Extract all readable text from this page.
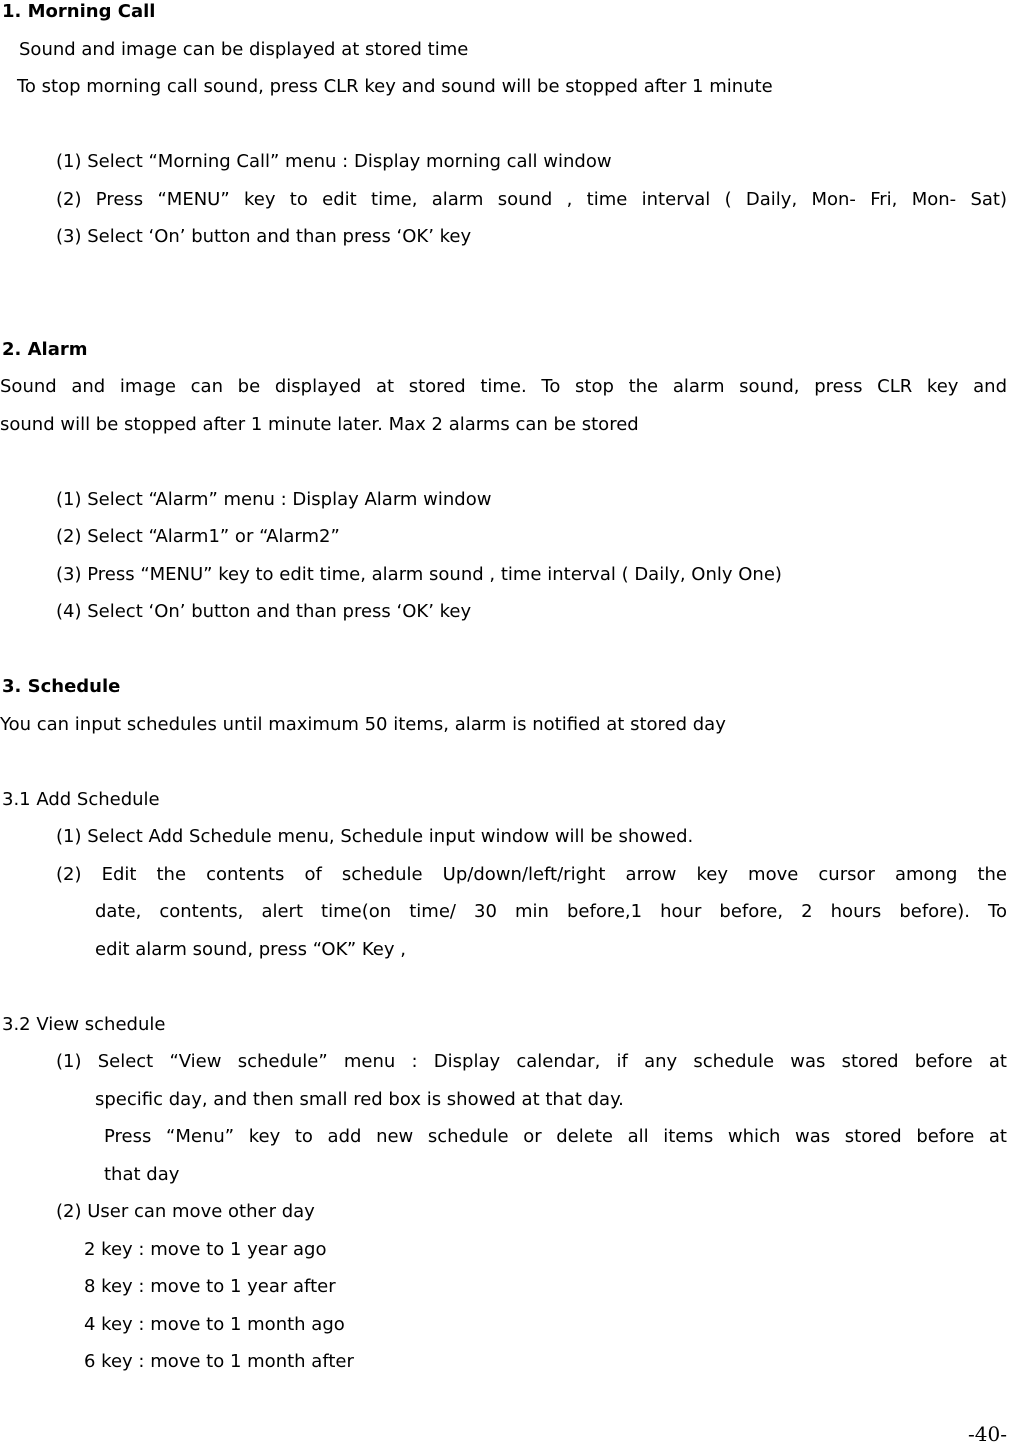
1. Morning Call
Sound and image can be displayed at stored time
To stop morning call sound, press CLR key and sound will be stopped after 1 minute
(1) Select “Morning Call” menu : Display morning call window
(2) Press “MENU” key to edit time, alarm sound , time interval ( Daily, Mon- Fri, Mon- Sat)
(3) Select ‘On’ button and than press ‘OK’ key
2. Alarm
Sound and image can be displayed at stored time. To stop the alarm sound, press CLR key and
sound will be stopped after 1 minute later. Max 2 alarms can be stored
(1) Select “Alarm” menu : Display Alarm window
(2) Select “Alarm1” or “Alarm2”
(3) Press “MENU” key to edit time, alarm sound , time interval ( Daily, Only One)
(4) Select ‘On’ button and than press ‘OK’ key
3. Schedule
You can input schedules until maximum 50 items, alarm is notified at stored day
3.1 Add Schedule
(1) Select Add Schedule menu, Schedule input window will be showed.
(2) Edit the contents of schedule Up/down/left/right arrow key move cursor among the
date, contents, alert time(on time/ 30 min before,1 hour before, 2 hours before). To
edit alarm sound, press “OK” Key ,
3.2 View schedule
(1) Select “View schedule” menu : Display calendar, if any schedule was stored before at
specific day, and then small red box is showed at that day.
Press “Menu” key to add new schedule or delete all items which was stored before at
that day
(2) User can move other day
2 key : move to 1 year ago
8 key : move to 1 year after
4 key : move to 1 month ago
6 key : move to 1 month after
-40-
